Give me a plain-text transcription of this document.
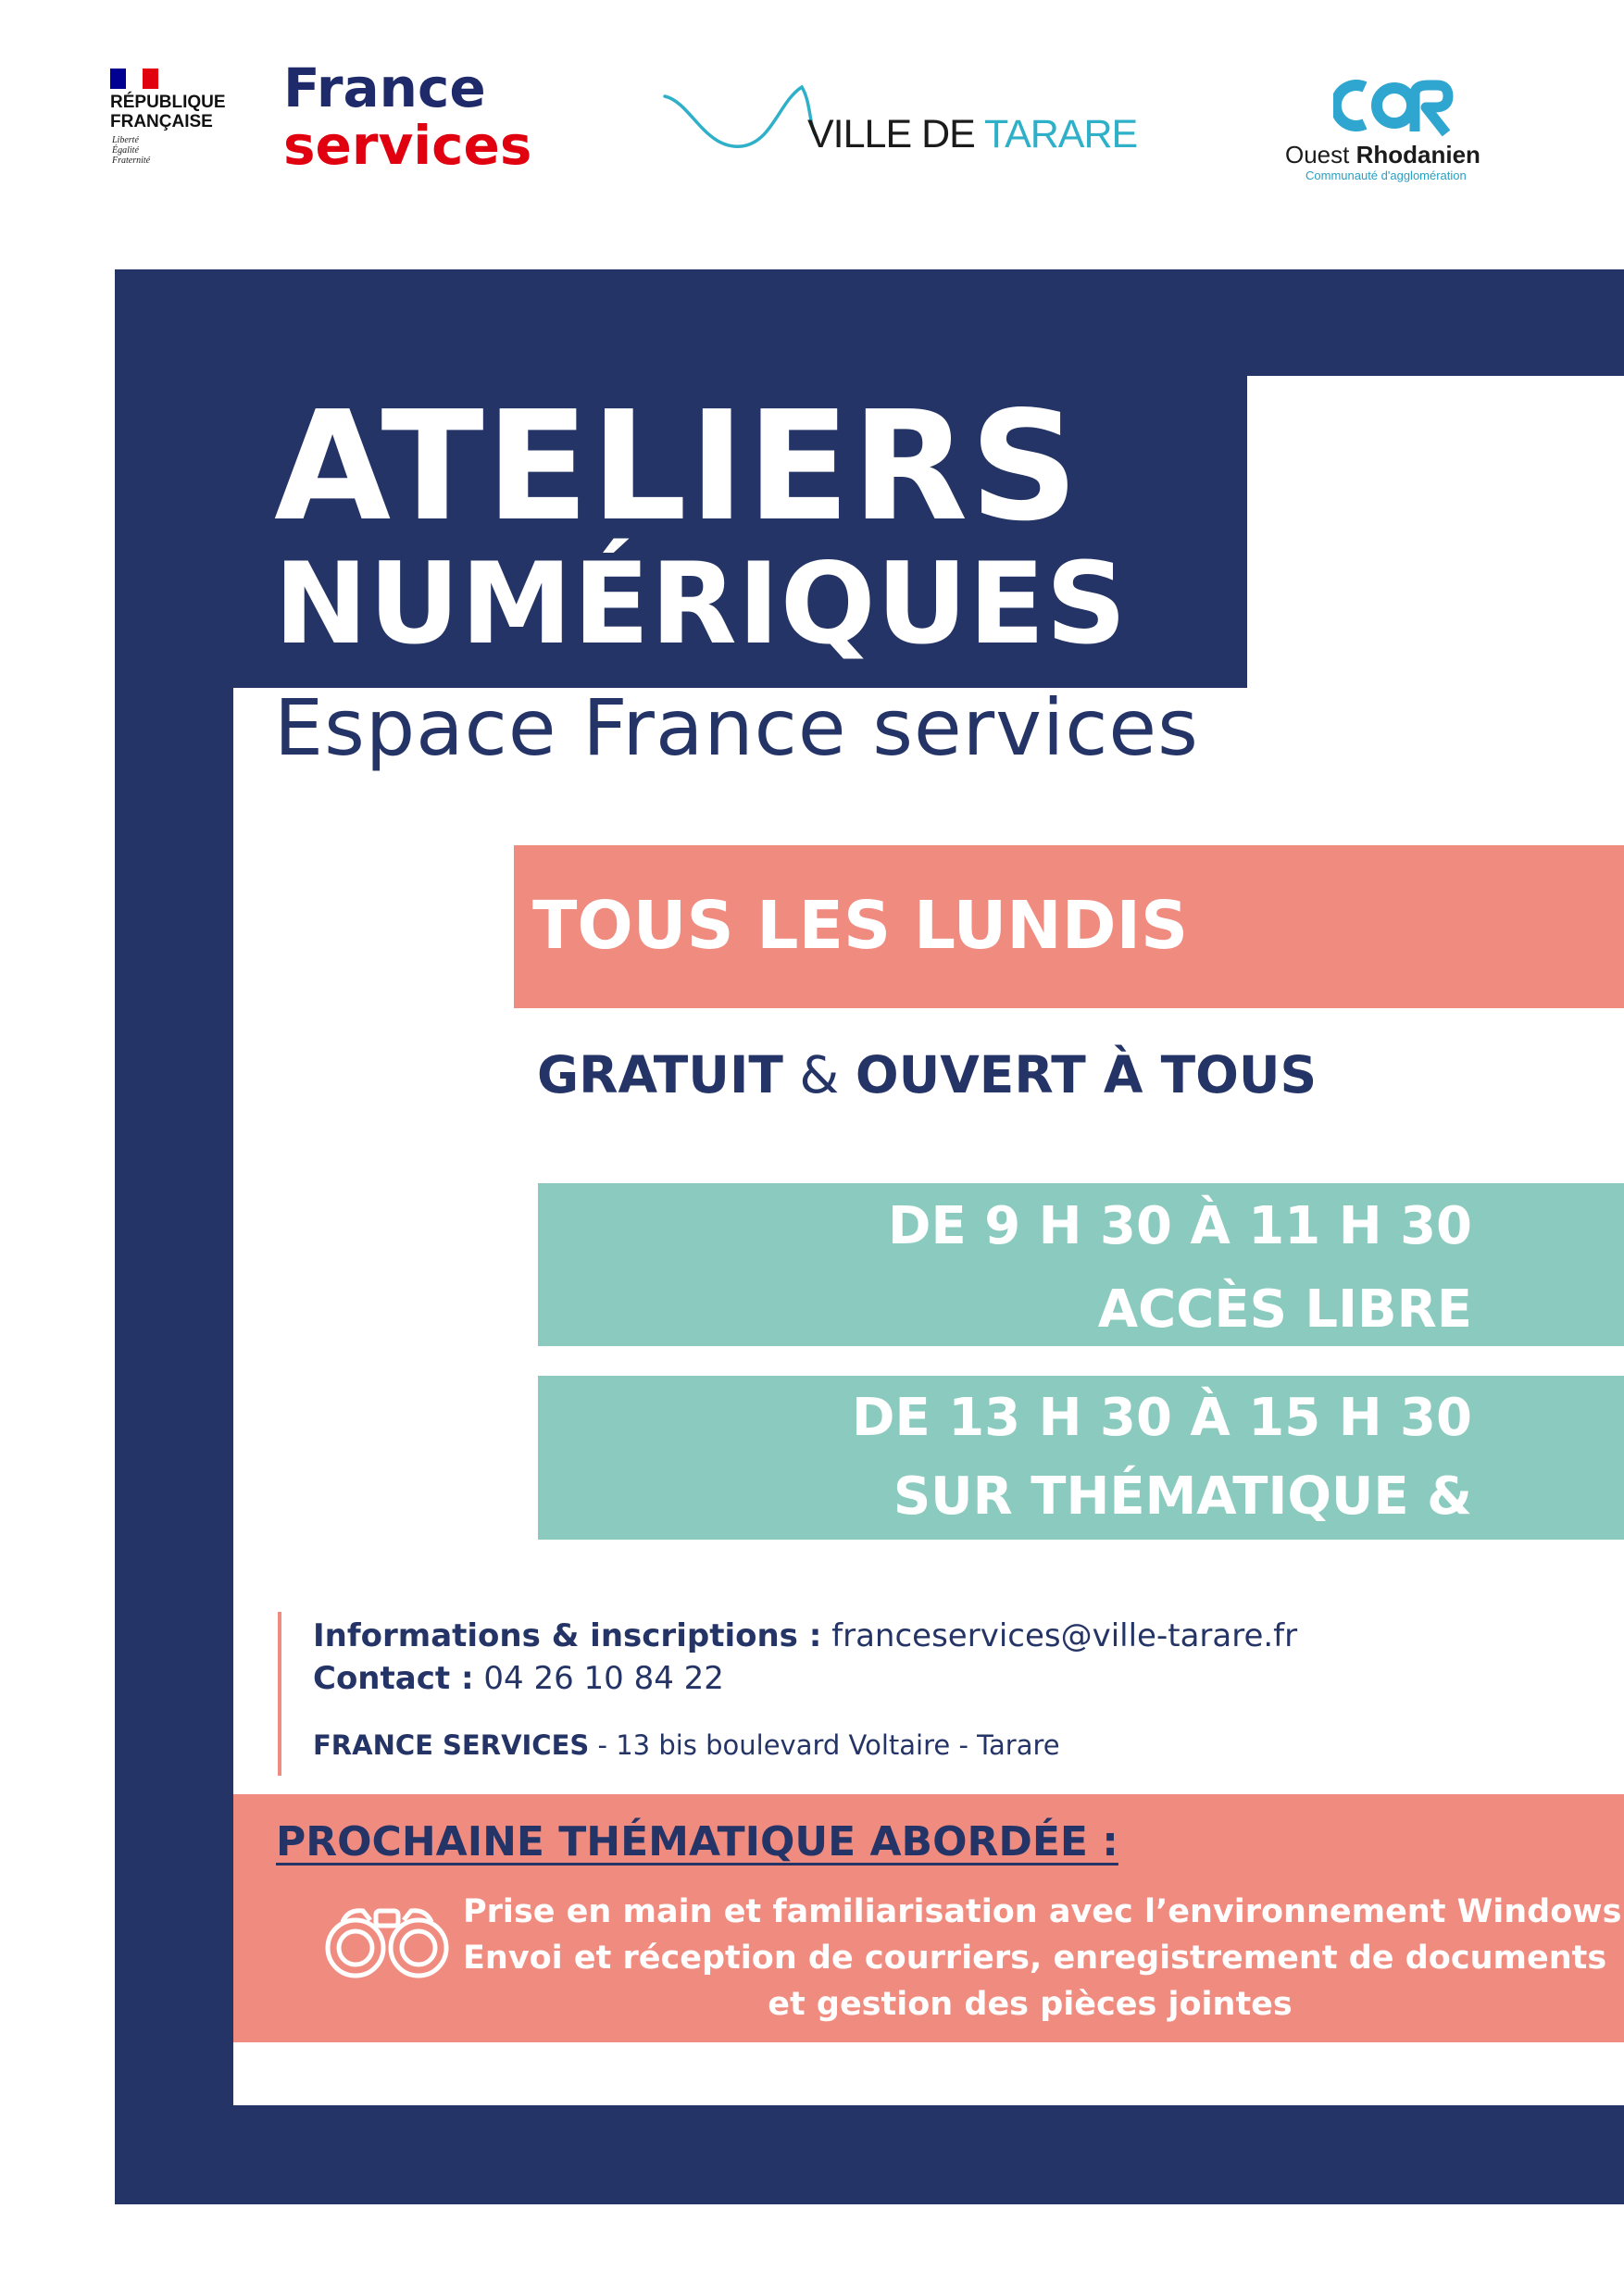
RÉPUBLIQUE
FRANÇAISE
Liberté
Égalité
Fraternité
France
services	VILLE DE TARARE	Ouest Rhodanien
Communauté d'agglomération
ATELIERS
NUMÉRIQUES
Espace France services
TOUS LES LUNDIS
GRATUIT & OUVERT À TOUS
DE 9 H 30 À 11 H 30
ACCÈS LIBRE
DE 13 H 30 À 15 H 30
SUR THÉMATIQUE & INSCRIPTION
Informations & inscriptions : franceservices@ville-tarare.fr
Contact : 04 26 10 84 22
FRANCE SERVICES - 13 bis boulevard Voltaire - Tarare
PROCHAINE THÉMATIQUE ABORDÉE :
Prise en main et familiarisation avec l’environnement Windows
Envoi et réception de courriers, enregistrement de documents
et gestion des pièces jointes
